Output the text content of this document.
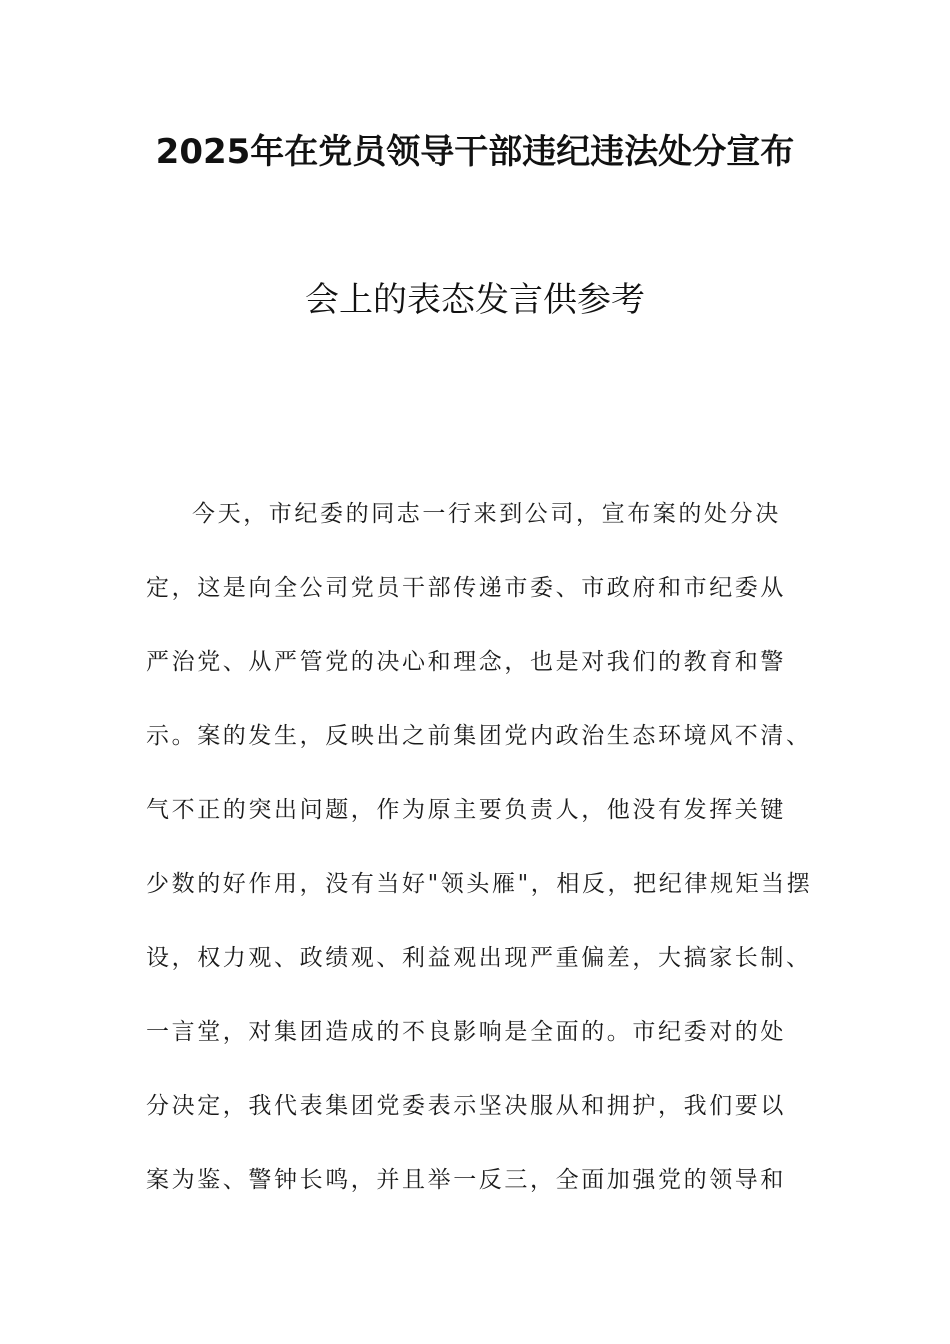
2025年在党员领导干部违纪违法处分宣布
会上的表态发言供参考
今天，市纪委的同志一行来到公司，宣布案的处分决
定，这是向全公司党员干部传递市委、市政府和市纪委从
严治党、从严管党的决心和理念，也是对我们的教育和警
示。案的发生，反映出之前集团党内政治生态环境风不清、
气不正的突出问题，作为原主要负责人，他没有发挥关键
少数的好作用，没有当好"领头雁"，相反，把纪律规矩当摆
设，权力观、政绩观、利益观出现严重偏差，大搞家长制、
一言堂，对集团造成的不良影响是全面的。市纪委对的处
分决定，我代表集团党委表示坚决服从和拥护，我们要以
案为鉴、警钟长鸣，并且举一反三，全面加强党的领导和
